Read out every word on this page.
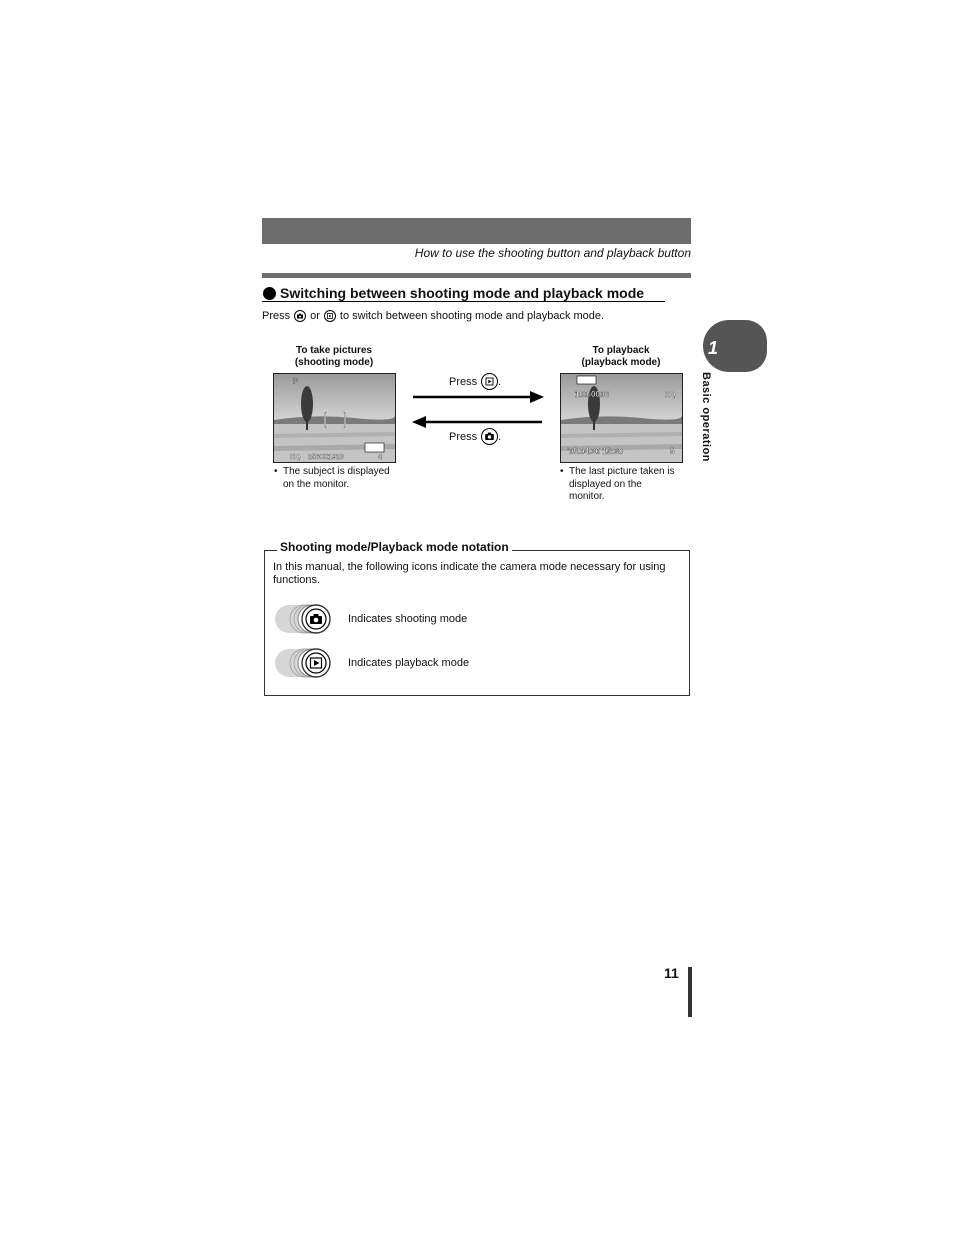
How to use the shooting button and playback button
Switching between shooting mode and playback mode
Press or to switch between shooting mode and playback mode.
To take pictures
(shooting mode)
To playback
(playback mode)
P
HQ 2560X1920	4
100-0006	HQ
'05.04.30 15:30	5
Press .
Press .
• The subject is displayed
on the monitor.
• The last picture taken is
displayed on the
monitor.
Shooting mode/Playback mode notation
In this manual, the following icons indicate the camera mode necessary for using functions.
Indicates shooting mode
Indicates playback mode
1
Basic operation
11
